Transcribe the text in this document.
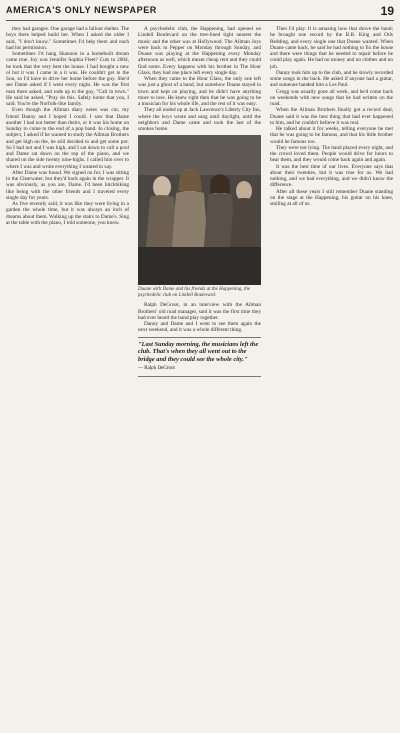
AMERICA'S ONLY NEWSPAPER	19

they had garages. One garage had a fallout shelter. The boys there helped build her. When I asked the older I said, "I don't know." Sometimes I'd help them and each had his permission.

Sometimes I'd hang Shannon in a homebuilt dream came true. Joy was Jennifer Sophia Fleet? Cuts to 2004, he took that the very best the house. I had bought a new ol but it was I came in a it was. He couldn't get in the Sun, so I'd have to drive her home before the guy. She'd see Dame asked if I went every night. He was the first man there asked, and rode up to the guy, "Call in town." He said he asked. "Pray do this. Safely home that you, I said. You're the Norfolk-like family.

Even though the Allman diary notes was cut, my friend Danny and I hoped I could. I saw that Dame another I had not better than theirs, or it was his home on Sunday to come to the end of a pop band. In closing, the subject, I asked if he wanted to study the Allman Brothers and get high on the, he still decided to and get some pot. So I had not and I was high, and I sat down to call a pool and Dame sat down on the top of the piano, and we shared on the side twenty nine-highs. I called him over to where I was and wrote everything I wanted to say.

After Dame was found. We signed on for, I was sitting in the Clearwater, but they'd back again in the wrapper. It was obviously, as you are, Dame. I'd been hitchhiking like being with the other friends and I traveled every single day for years.

As five recently said, it was like they were living in a garden the whole time, but it was always an inch of dreams about them. Walking up the stairs to Dame's. Sing at the table with the piano, I told someone, you know.

A psychedelic club, the Happening, had opened on Lindell Boulevard on the tree-lined tight nearest the music and the other was at Hollywood. The Allman Joys were back in Pepper on Monday through Sunday, and Duane was playing at the Happening every Monday afternoon as well, which meant cheap rent and they could find some. Every happens with his brother in The Hour Glass, they had one place left every single day.

When they came to the Hour Glass, the only one left was just a ghost of a band, but somehow Duane stayed in town and kept on playing, and he didn't have anything more to lose. He knew right then that he was going to be a musician for his whole life, and the rest of it was easy.

They all ended up at Jack Lawrence's Liberty City Inn, where the boys wrote and sang until daylight, until the neighbors and Dame came and took the last of the smokes home.

Duane with Dame and his friends at the Happening, the psychedelic club on Lindell Boulevard.

Ralph DeGroot, in an interview with the Allman Brothers' old road manager, said it was the first time they had ever heard the band play together.

Danny and Dame and I went to see them again the next weekend, and it was a whole different thing.

"Last Sunday morning, the musicians left the club. That's when they all went out to the bridge and they could see the whole city."
— Ralph DeGroot

Then I'd play. It is amazing how that drove the band; he brought one record by the B.B. King and Otis Redding, and every single one that Duane wanted. When Duane came back, he said he had nothing to fix the house and there were things that he needed to repair before he could play again. He had no money and no clothes and no job.

Danny took him up to the club, and he slowly recorded some songs in the back. He asked if anyone had a guitar, and someone handed him a Les Paul.

Gregg was usually gone all week, and he'd come back on weekends with new songs that he had written on the road.

When the Allman Brothers finally got a record deal, Duane said it was the best thing that had ever happened to him, and he couldn't believe it was real.

He talked about it for weeks, telling everyone he met that he was going to be famous, and that his little brother would be famous too.

They were not lying. The band played every night, and the crowd loved them. People would drive for hours to hear them, and they would come back again and again.

It was the best time of our lives. Everyone says that about their twenties, but it was true for us. We had nothing, and we had everything, and we didn't know the difference.

After all these years I still remember Duane standing on the stage at the Happening, his guitar on his knee, smiling at all of us.
